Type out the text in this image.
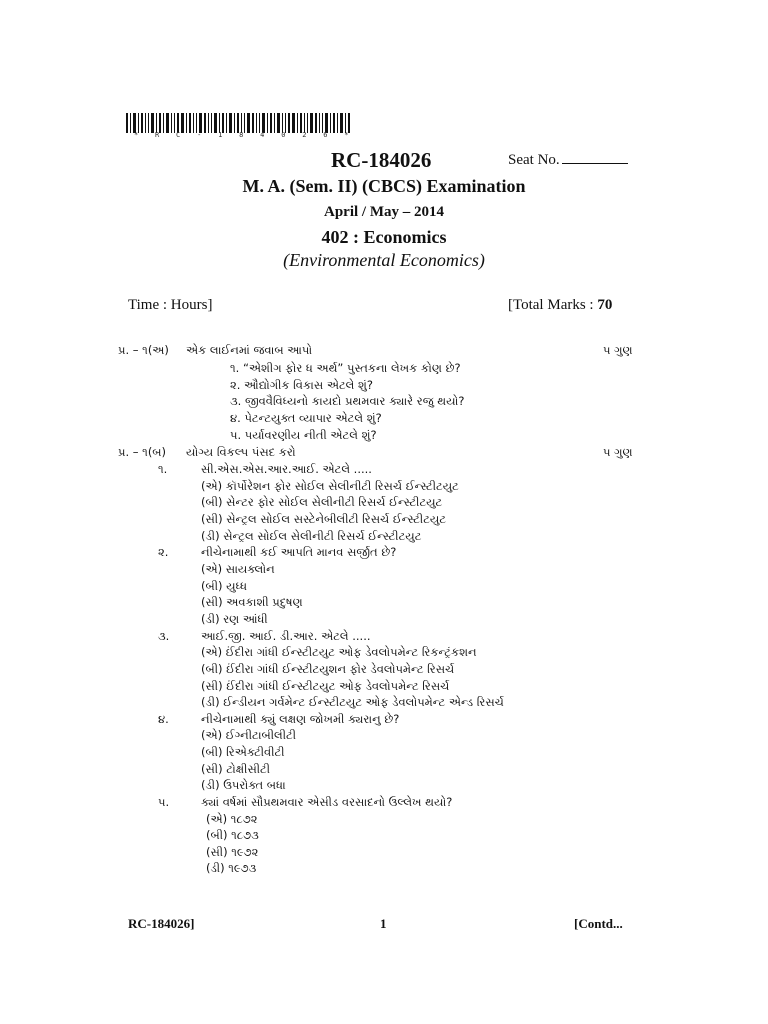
* R C - 1 8 4 0 2 6 *
RC-184026	Seat No.
M. A. (Sem. II) (CBCS) Examination
April / May – 2014
402 : Economics
(Environmental Economics)
Time : Hours]	[Total Marks : 70
પ્ર. – ૧(અ) એક લાઈનમાં જવાબ આપો	પ ગુણ
૧. “એશીગ ફોર ધ અર્થ” પુસ્તકના લેખક કોણ છે?
૨. ઔદ્યોગીક વિકાસ એટલે શું?
૩. જીવવૈવિધ્યનો કાયદો પ્રથમવાર ક્યારે રજુ થયો?
૪. પેટન્ટયુક્ત વ્યાપાર એટલે શું?
પ. પર્યાવરણીય નીતી એટલે શું?
પ્ર. – ૧(બ) યોગ્ય વિકલ્પ પંસદ કરો	પ ગુણ
૧.	સી.એસ.એસ.આર.આઈ. એટલે .....
(એ) કૉર્પોરેશન ફોર સોઈલ સેલીનીટી રિસર્ચ ઈન્સ્ટીટયુટ
(બી) સેન્ટર ફોર સોઈલ સેલીનીટી રિસર્ચ ઈન્સ્ટીટયુટ
(સી) સેન્ટ્રલ સોઈલ સસ્ટેનેબીલીટી રિસર્ચ ઈન્સ્ટીટયુટ
(ડી) સેન્ટ્રલ સોઈલ સેલીનીટી રિસર્ચ ઈન્સ્ટીટયુટ
૨.	નીચેનામાથી કઈ આપતિ માનવ સર્જીત છે?
(એ) સાયક્લોન
(બી) યુધ્ધ
(સી) અવકાશી પ્રદુષણ
(ડી) રણ આંધી
૩.	આઈ.જી. આઈ. ડી.આર. એટલે .....
(એ) ઈંદીરા ગાંધી ઈન્સ્ટીટયુટ ઓફ ડેવલોપમેન્ટ રિકન્ટ્રંકશન
(બી) ઈંદીરા ગાંધી ઈન્સ્ટીટયુશન ફોર ડેવલોપમેન્ટ રિસર્ચ
(સી) ઈંદીરા ગાંધી ઈન્સ્ટીટયુટ ઓફ ડેવલોપમેન્ટ રિસર્ચ
(ડી) ઈન્ડીયન ગર્વમેન્ટ ઈન્સ્ટીટયુટ ઓફ ડેવલોપમેન્ટ એન્ડ રિસર્ચ
૪.	નીચેનામાથી ક્યું લક્ષણ જોખમી ક્યરાનુ છે?
(એ) ઈગ્નીટાબીલીટી
(બી) રિએક્ટીવીટી
(સી) ટોક્ષીસીટી
(ડી) ઉપરોક્ત બધા
પ.	ક્યાં વર્ષમાં સૌપ્રથમવાર એસીડ વરસાદનો ઉલ્લેખ થયો?
(એ) ૧૮૭૨
(બી) ૧૮૭૩
(સી) ૧૯૭૨
(ડી) ૧૯૭૩
RC-184026]	1	[Contd...
